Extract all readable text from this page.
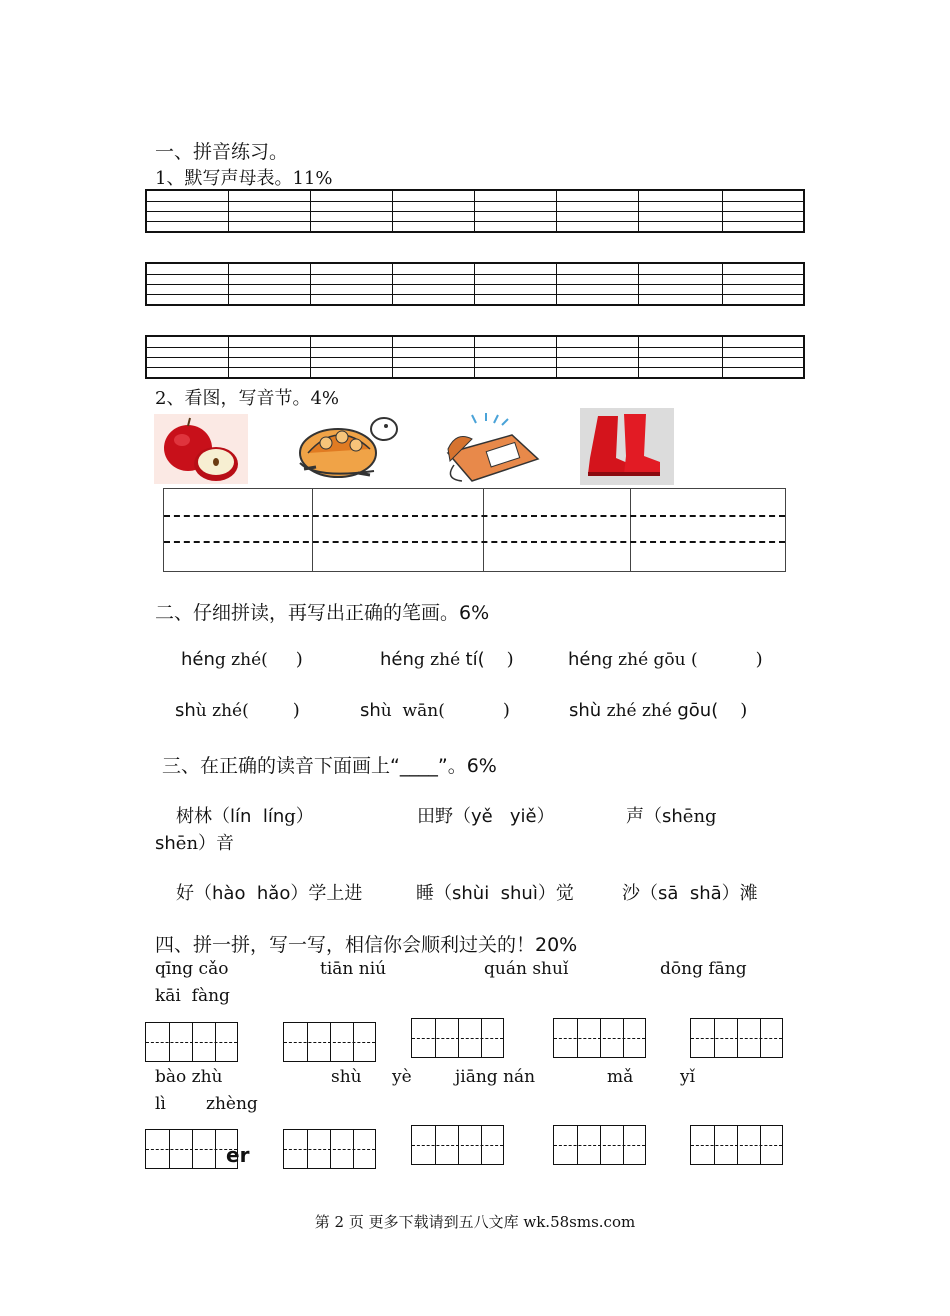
一、拼音练习。
1、默写声母表。11%
2、看图，写音节。4%
二、仔细拼读，再写出正确的笔画。6%
héng zhé( )	héng zhé tí( )	héng zhé gōu (	)
shù zhé( )	shù  wān(	)	shù zhé zhé gōu( )
三、在正确的读音下面画上“____”。6%
树林（lín  líng）	田野（yě   yiě）	声（shēng
shēn）音
好（hào  hǎo）学上进	睡（shùi  shuì）觉	沙（sā  shā）滩
四、拼一拼，写一写，相信你会顺利过关的！20%
qīng cǎo	tiān niú	quán shuǐ	dōng fāng
kāi  fàng
bào zhù	shù yè	jiāng nán	mǎ	yǐ
lì zhèng
er
第 2 页 更多下载请到五八文库 wk.58sms.com
